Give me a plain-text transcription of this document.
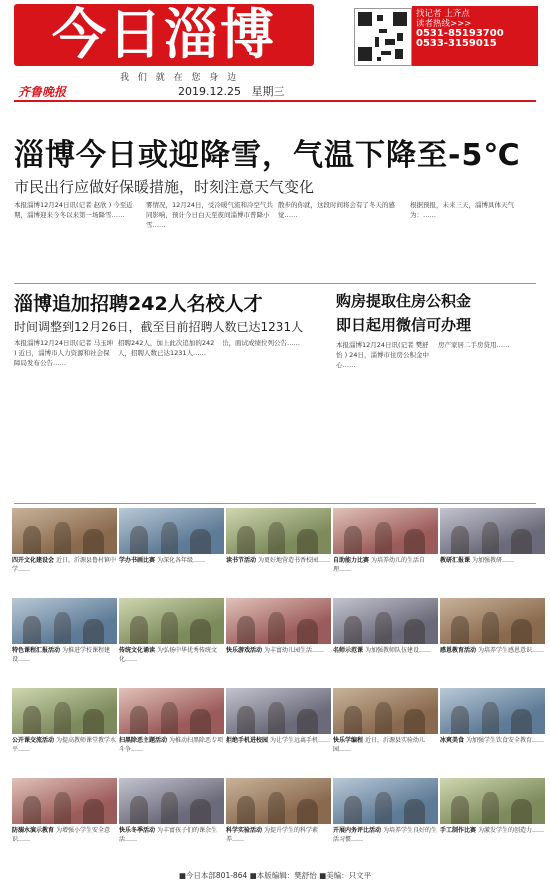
今日淄博
我 们 就 在 您 身 边
齐鲁晚报	2019.12.25 星期三
找记者 上齐点
读者热线>>>
0531-85193700
0533-3159015
淄博今日或迎降雪，气温下降至-5℃
市民出行应做好保暖措施，时刻注意天气变化
本报淄博12月24日讯(记者 赵欣 ) 今至近期，淄博迎来今冬以来第一场降雪……
雾情况，12月24日，受冷暖气流和冷空气共同影响，预计今日白天至夜间淄博市普降小雪……
散步的你就，这段时间将会有了冬天的感觉……
根据预报，未来三天，淄博具体天气为：……
淄博追加招聘242人名校人才
时间调整到12月26日，截至目前招聘人数已达1231人
本报淄博12月24日讯(记者 马玉坤 ) 近日，淄博市人力资源和社会保障局发布公告……
招聘242人，加上此次追加的242人，招聘人数已达1231人……
岳，面试成绩位列公告……
购房提取住房公积金
即日起用微信可办理
本报淄博12月24日讯(记者 樊舒怡 ) 24日，淄博市住房公积金中心……
房产家居二手房贷用……
四开文化建设会 近日，沂源县鲁村镇中学……
学办书画比赛 为深化各年级……	读书节活动 为更好地营造书香校园…… 自助能力比赛 为培养幼儿的生活自理……
教研汇报课 为加强教研……
特色课程汇报活动 为推进学校课程建设……
传统文化诵读 为弘扬中华优秀传统文化……
快乐游戏活动 为丰富幼儿园生活……	名师示范课 为加强教师队伍建设……	感恩教育活动 为培养学生感恩意识……
公开课交流活动 为提高教师课堂教学水平……
扫黑除恶主题活动 为推动扫黑除恶专项斗争……
拒绝手机进校园 为让学生远离手机…… 快乐学编程 近日，沂源县实验幼儿园……
冰爽美食 为加强学生饮食安全教育……
防溺水演示教育 为增强小学生安全意识……
快乐冬季活动 为丰富孩子们的课余生活……
科学实验活动 为提升学生的科学素养……
开展内务评比活动 为培养学生良好的生活习惯……
手工制作比赛 为激发学生的创造力……
■今日本部801-864 ■本版编辑：樊舒怡 ■美编：只文平
